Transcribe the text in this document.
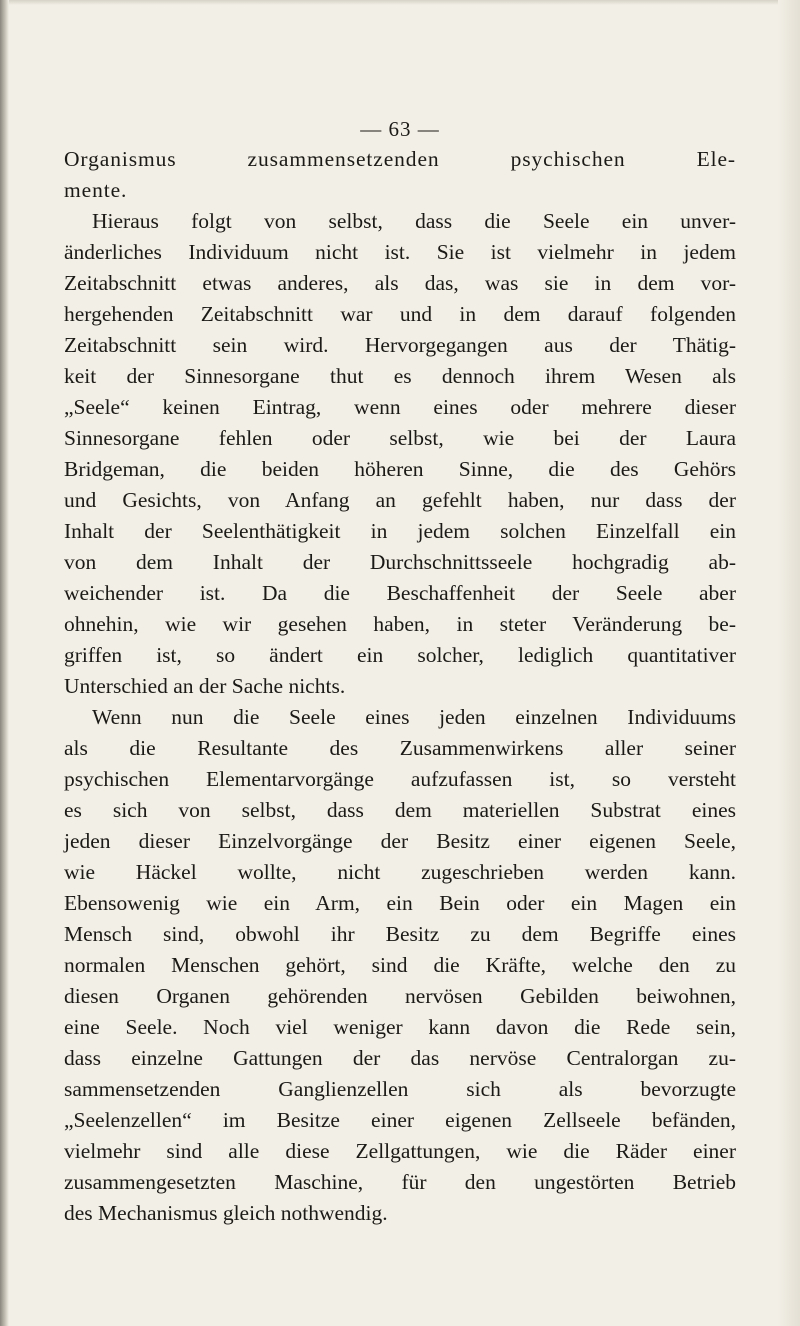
— 63 —
Organismus zusammensetzenden psychischen Ele-
mente.
Hieraus folgt von selbst, dass die Seele ein unver-
änderliches Individuum nicht ist. Sie ist vielmehr in jedem
Zeitabschnitt etwas anderes, als das, was sie in dem vor-
hergehenden Zeitabschnitt war und in dem darauf folgenden
Zeitabschnitt sein wird. Hervorgegangen aus der Thätig-
keit der Sinnesorgane thut es dennoch ihrem Wesen als
„Seele“ keinen Eintrag, wenn eines oder mehrere dieser
Sinnesorgane fehlen oder selbst, wie bei der Laura
Bridgeman, die beiden höheren Sinne, die des Gehörs
und Gesichts, von Anfang an gefehlt haben, nur dass der
Inhalt der Seelenthätigkeit in jedem solchen Einzelfall ein
von dem Inhalt der Durchschnittsseele hochgradig ab-
weichender ist. Da die Beschaffenheit der Seele aber
ohnehin, wie wir gesehen haben, in steter Veränderung be-
griffen ist, so ändert ein solcher, lediglich quantitativer
Unterschied an der Sache nichts.
Wenn nun die Seele eines jeden einzelnen Individuums
als die Resultante des Zusammenwirkens aller seiner
psychischen Elementarvorgänge aufzufassen ist, so versteht
es sich von selbst, dass dem materiellen Substrat eines
jeden dieser Einzelvorgänge der Besitz einer eigenen Seele,
wie Häckel wollte, nicht zugeschrieben werden kann.
Ebensowenig wie ein Arm, ein Bein oder ein Magen ein
Mensch sind, obwohl ihr Besitz zu dem Begriffe eines
normalen Menschen gehört, sind die Kräfte, welche den zu
diesen Organen gehörenden nervösen Gebilden beiwohnen,
eine Seele. Noch viel weniger kann davon die Rede sein,
dass einzelne Gattungen der das nervöse Centralorgan zu-
sammensetzenden Ganglienzellen sich als bevorzugte
„Seelenzellen“ im Besitze einer eigenen Zellseele befänden,
vielmehr sind alle diese Zellgattungen, wie die Räder einer
zusammengesetzten Maschine, für den ungestörten Betrieb
des Mechanismus gleich nothwendig.
